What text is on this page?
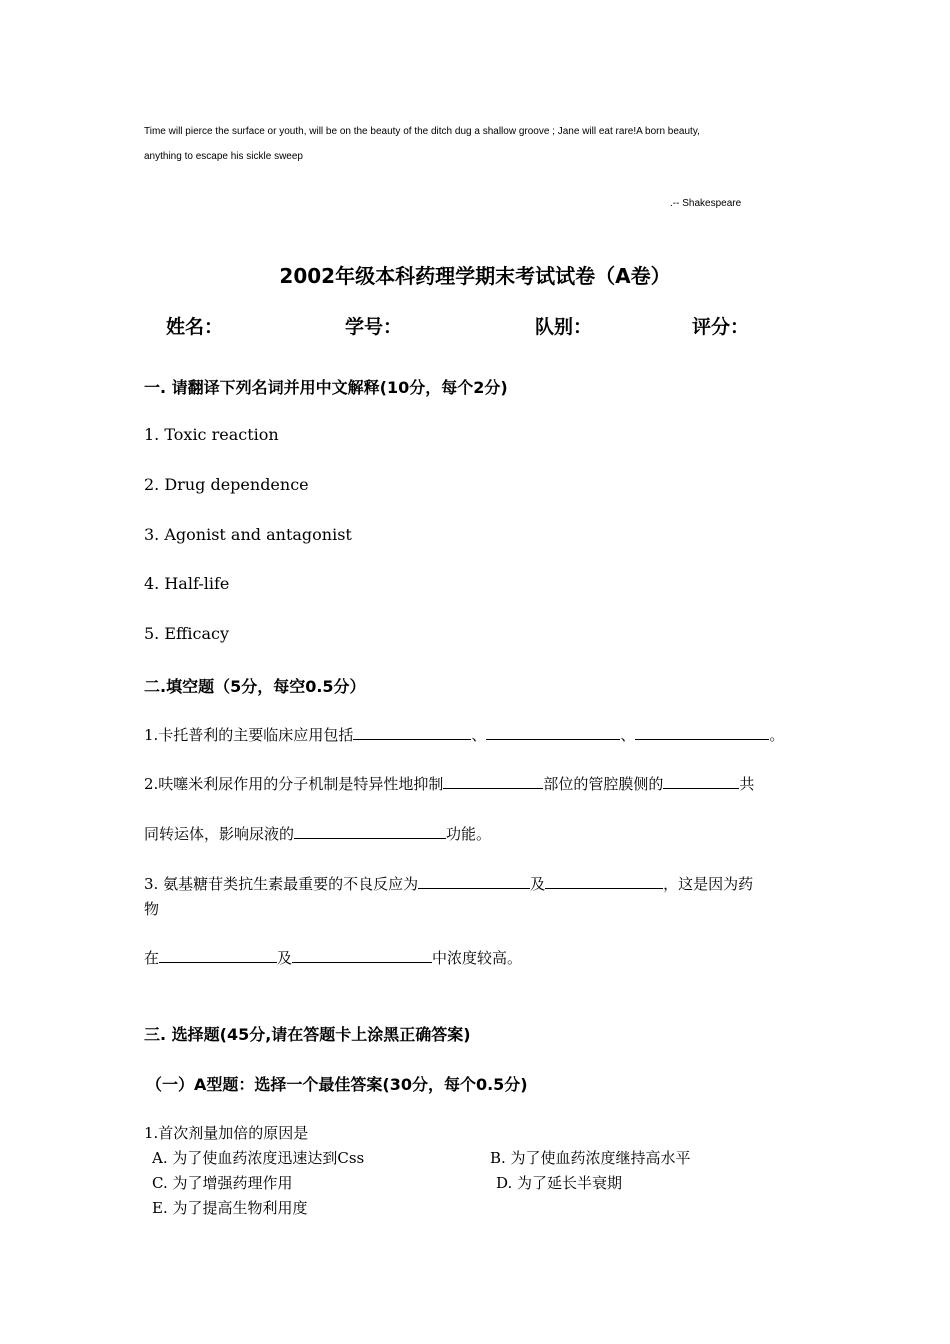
Time will pierce the surface or youth, will be on the beauty of the ditch dug a shallow groove ; Jane will eat rare!A born beauty,
anything to escape his sickle sweep
.-- Shakespeare
2002年级本科药理学期末考试试卷（A卷）
姓名：	学号：	队别：	评分：
一. 请翻译下列名词并用中文解释(10分，每个2分)
1. Toxic reaction
2. Drug dependence
3. Agonist and antagonist
4. Half-life
5. Efficacy
二.填空题（5分，每空0.5分）
1.卡托普利的主要临床应用包括	、	、	。
2.呋噻米利尿作用的分子机制是特异性地抑制	部位的管腔膜侧的	共
同转运体，影响尿液的	功能。
3. 氨基糖苷类抗生素最重要的不良反应为	及	，这是因为药
物
在	及	中浓度较高。
三. 选择题(45分,请在答题卡上涂黑正确答案)
（一）A型题：选择一个最佳答案(30分，每个0.5分)
1.首次剂量加倍的原因是
A. 为了使血药浓度迅速达到Css	B. 为了使血药浓度继持高水平
C. 为了增强药理作用	D. 为了延长半衰期
E. 为了提高生物利用度
